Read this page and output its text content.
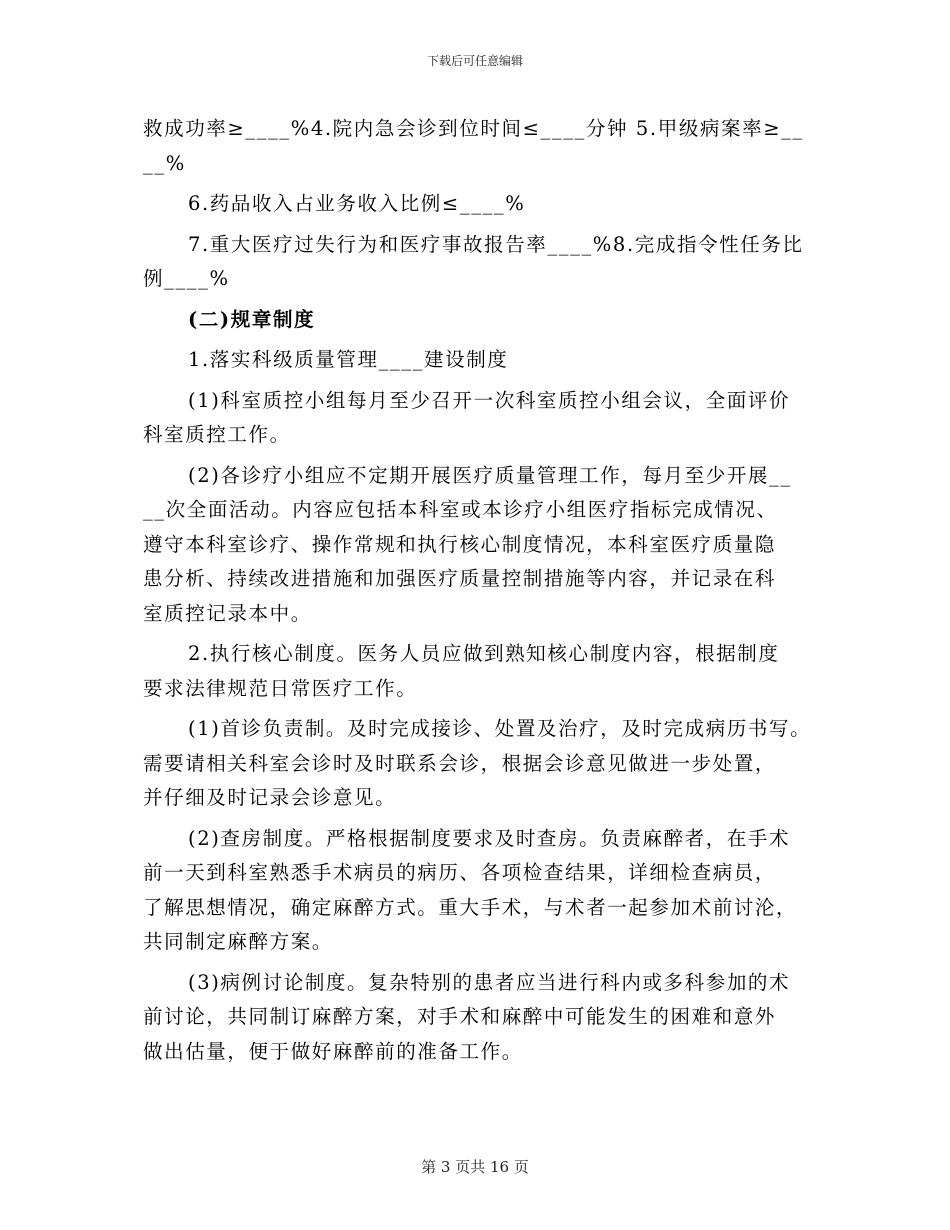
下载后可任意编辑
救成功率≥____%4.院内急会诊到位时间≤____分钟 5.甲级病案率≥__
__%
6.药品收入占业务收入比例≤____%
7.重大医疗过失行为和医疗事故报告率____%8.完成指令性任务比
例____%
(二)规章制度
1.落实科级质量管理____建设制度
(1)科室质控小组每月至少召开一次科室质控小组会议，全面评价
科室质控工作。
(2)各诊疗小组应不定期开展医疗质量管理工作，每月至少开展__
__次全面活动。内容应包括本科室或本诊疗小组医疗指标完成情况、
遵守本科室诊疗、操作常规和执行核心制度情况，本科室医疗质量隐
患分析、持续改进措施和加强医疗质量控制措施等内容，并记录在科
室质控记录本中。
2.执行核心制度。医务人员应做到熟知核心制度内容，根据制度
要求法律规范日常医疗工作。
(1)首诊负责制。及时完成接诊、处置及治疗，及时完成病历书写。
需要请相关科室会诊时及时联系会诊，根据会诊意见做进一步处置，
并仔细及时记录会诊意见。
(2)查房制度。严格根据制度要求及时查房。负责麻醉者，在手术
前一天到科室熟悉手术病员的病历、各项检查结果，详细检查病员，
了解思想情况，确定麻醉方式。重大手术，与术者一起参加术前讨沦，
共同制定麻醉方案。
(3)病例讨论制度。复杂特别的患者应当进行科内或多科参加的术
前讨论，共同制订麻醉方案，对手术和麻醉中可能发生的困难和意外
做出估量，便于做好麻醉前的准备工作。
第 3 页共 16 页
